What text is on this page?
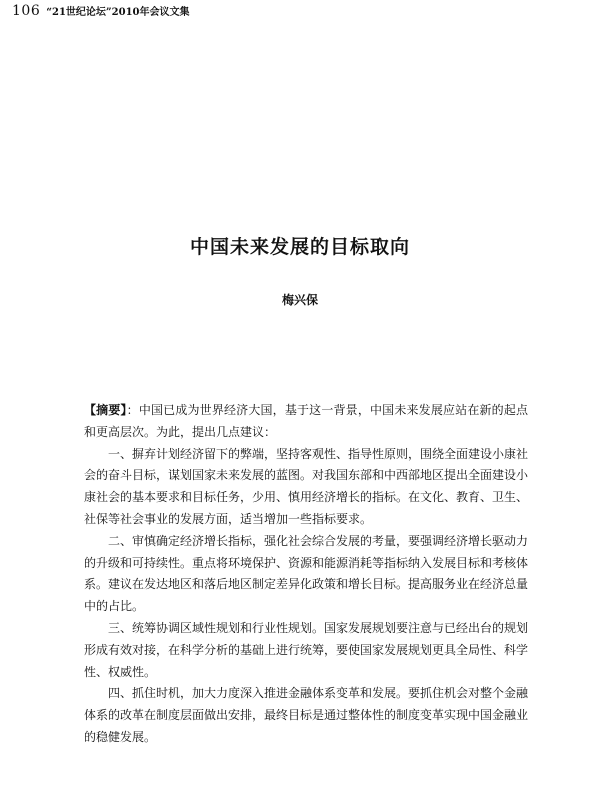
106 “21世纪论坛”2010年会议文集
中国未来发展的目标取向
梅兴保

【摘要】：中国已成为世界经济大国，基于这一背景，中国未来发展应站在新的起点和更高层次。为此，提出几点建议：

一、摒弃计划经济留下的弊端，坚持客观性、指导性原则，围绕全面建设小康社会的奋斗目标，谋划国家未来发展的蓝图。对我国东部和中西部地区提出全面建设小康社会的基本要求和目标任务，少用、慎用经济增长的指标。在文化、教育、卫生、社保等社会事业的发展方面，适当增加一些指标要求。

二、审慎确定经济增长指标，强化社会综合发展的考量，要强调经济增长驱动力的升级和可持续性。重点将环境保护、资源和能源消耗等指标纳入发展目标和考核体系。建议在发达地区和落后地区制定差异化政策和增长目标。提高服务业在经济总量中的占比。

三、统筹协调区域性规划和行业性规划。国家发展规划要注意与已经出台的规划形成有效对接，在科学分析的基础上进行统筹，要使国家发展规划更具全局性、科学性、权威性。

四、抓住时机，加大力度深入推进金融体系变革和发展。要抓住机会对整个金融体系的改革在制度层面做出安排，最终目标是通过整体性的制度变革实现中国金融业的稳健发展。
